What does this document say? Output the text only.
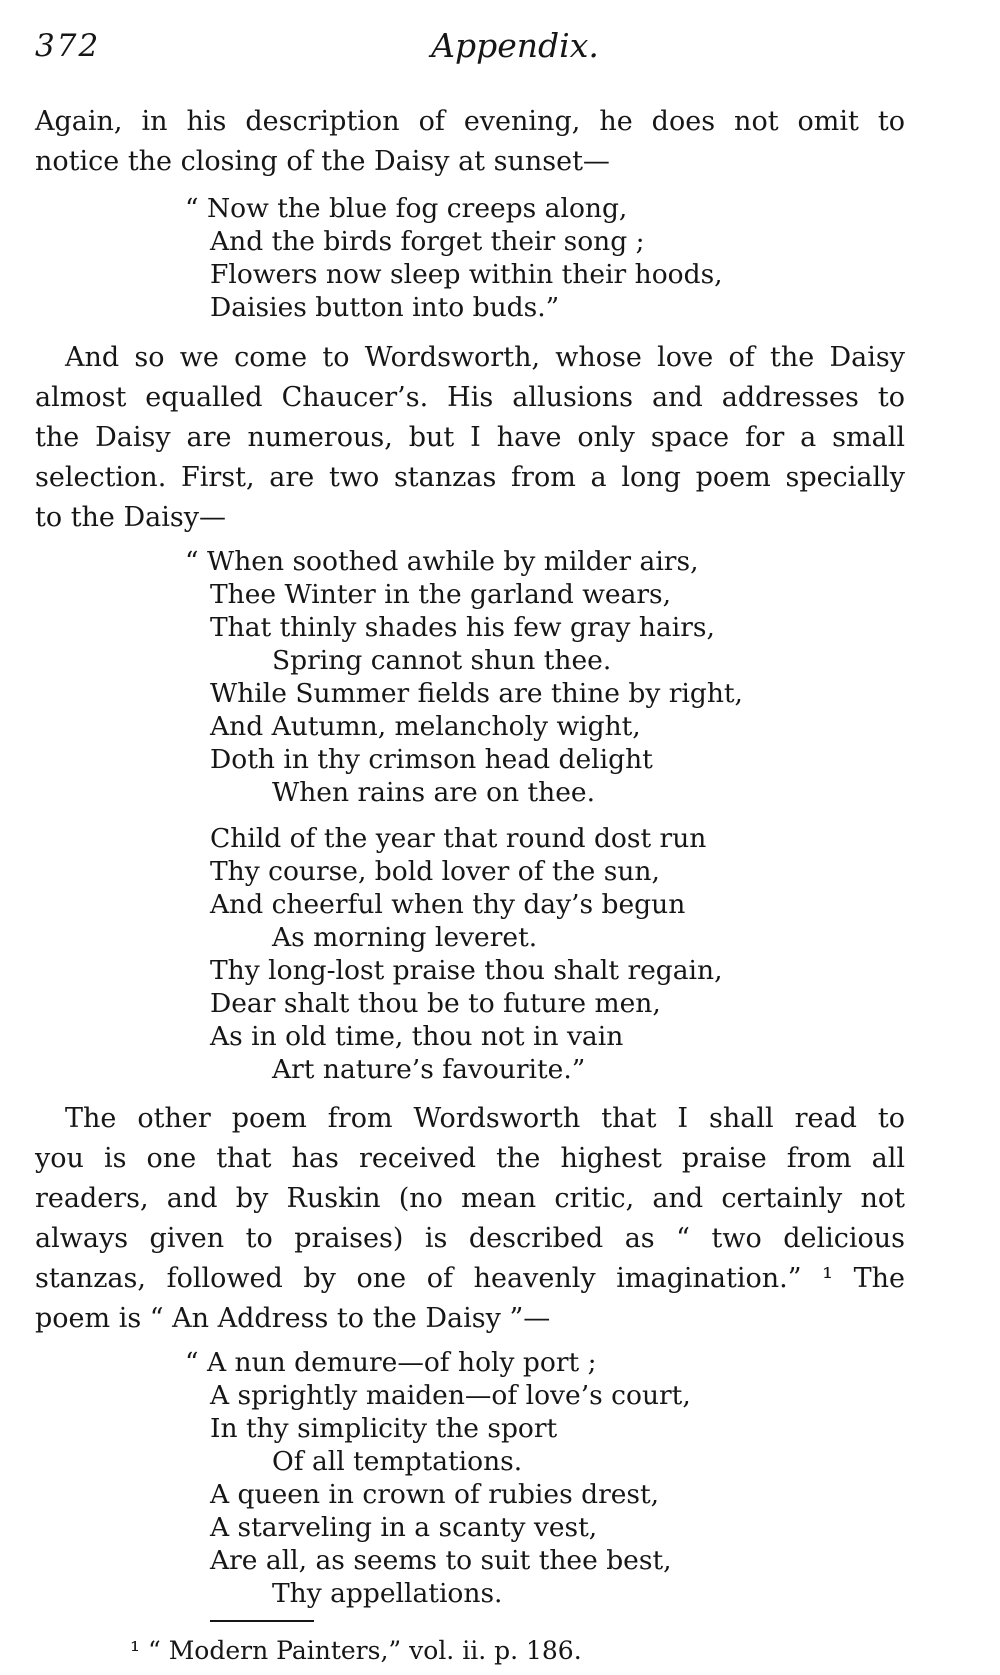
372	Appendix.
Again, in his description of evening, he does not omit to
notice the closing of the Daisy at sunset—
“ Now the blue fog creeps along,
And the birds forget their song ;
Flowers now sleep within their hoods,
Daisies button into buds.”
And so we come to Wordsworth, whose love of the Daisy
almost equalled Chaucer’s. His allusions and addresses to
the Daisy are numerous, but I have only space for a small
selection. First, are two stanzas from a long poem specially
to the Daisy—
“ When soothed awhile by milder airs,
Thee Winter in the garland wears,
That thinly shades his few gray hairs,
Spring cannot shun thee.
While Summer fields are thine by right,
And Autumn, melancholy wight,
Doth in thy crimson head delight
When rains are on thee.
Child of the year that round dost run
Thy course, bold lover of the sun,
And cheerful when thy day’s begun
As morning leveret.
Thy long-lost praise thou shalt regain,
Dear shalt thou be to future men,
As in old time, thou not in vain
Art nature’s favourite.”
The other poem from Wordsworth that I shall read to
you is one that has received the highest praise from all
readers, and by Ruskin (no mean critic, and certainly not
always given to praises) is described as “ two delicious
stanzas, followed by one of heavenly imagination.” ¹ The
poem is “ An Address to the Daisy ”—
“ A nun demure—of holy port ;
A sprightly maiden—of love’s court,
In thy simplicity the sport
Of all temptations.
A queen in crown of rubies drest,
A starveling in a scanty vest,
Are all, as seems to suit thee best,
Thy appellations.
¹ “ Modern Painters,” vol. ii. p. 186.
